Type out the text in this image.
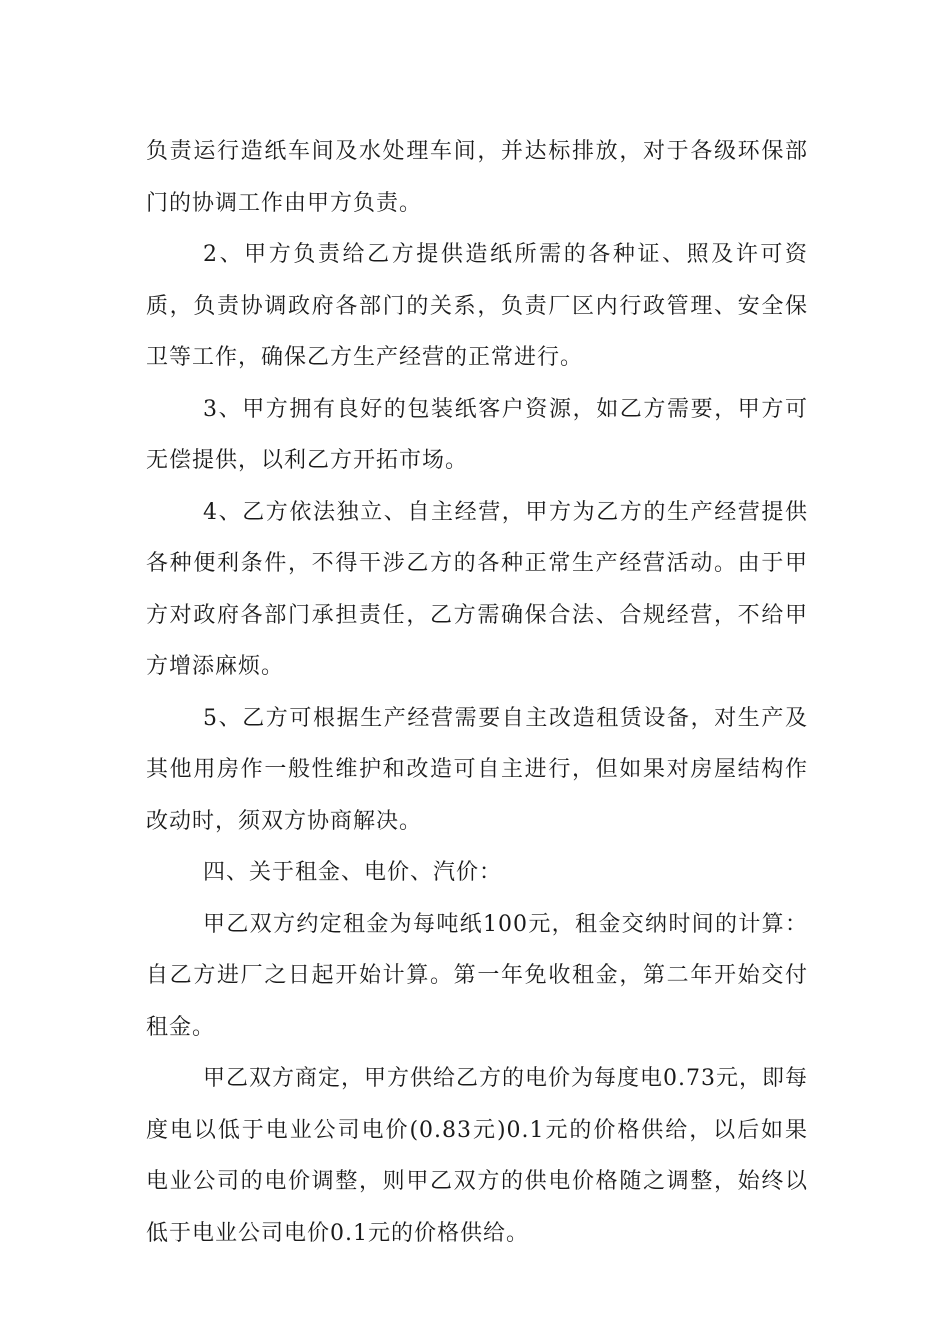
负责运行造纸车间及水处理车间，并达标排放，对于各级环保部门的协调工作由甲方负责。

2、甲方负责给乙方提供造纸所需的各种证、照及许可资质，负责协调政府各部门的关系，负责厂区内行政管理、安全保卫等工作，确保乙方生产经营的正常进行。

3、甲方拥有良好的包装纸客户资源，如乙方需要，甲方可无偿提供，以利乙方开拓市场。

4、乙方依法独立、自主经营，甲方为乙方的生产经营提供各种便利条件，不得干涉乙方的各种正常生产经营活动。由于甲方对政府各部门承担责任，乙方需确保合法、合规经营，不给甲方增添麻烦。

5、乙方可根据生产经营需要自主改造租赁设备，对生产及其他用房作一般性维护和改造可自主进行，但如果对房屋结构作改动时，须双方协商解决。

四、关于租金、电价、汽价：

甲乙双方约定租金为每吨纸100元，租金交纳时间的计算：自乙方进厂之日起开始计算。第一年免收租金，第二年开始交付租金。

甲乙双方商定，甲方供给乙方的电价为每度电0.73元，即每度电以低于电业公司电价(0.83元)0.1元的价格供给，以后如果电业公司的电价调整，则甲乙双方的供电价格随之调整，始终以低于电业公司电价0.1元的价格供给。
